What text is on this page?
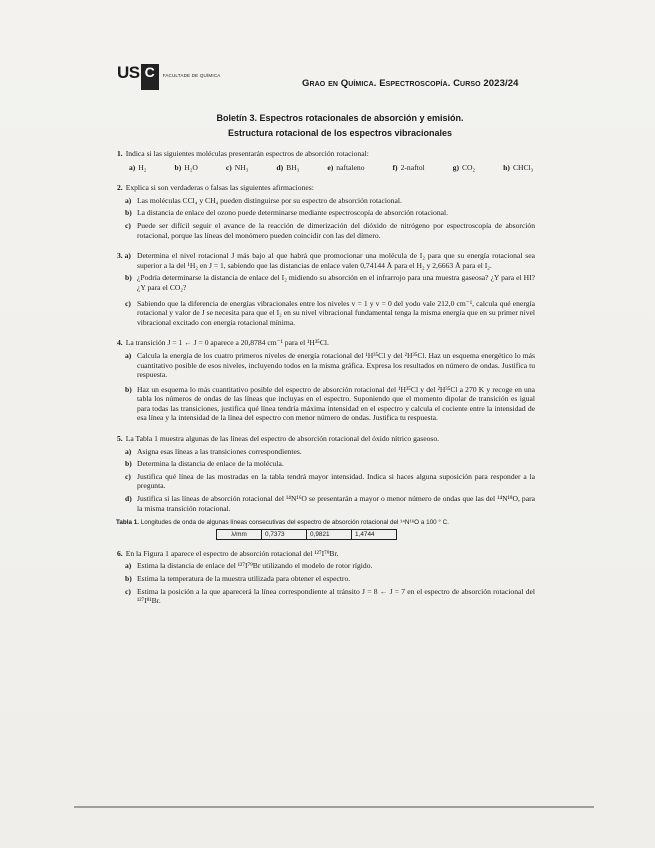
US C	FACULTADE DE QUÍMICA
Grao en Química. Espectroscopía. Curso 2023/24
Boletín 3. Espectros rotacionales de absorción y emisión.
Estructura rotacional de los espectros vibracionales

1. Indica si las siguientes moléculas presentarán espectros de absorción rotacional:

a) H₂	b) H₂O	c) NH₃	d) BH₃	e) naftaleno	f) 2-naftol	g) CO₂	h) CHCl₃

2. Explica si son verdaderas o falsas las siguientes afirmaciones:

a) Las moléculas CCl₄ y CH₄ pueden distinguirse por su espectro de absorción rotacional.
b) La distancia de enlace del ozono puede determinarse mediante espectroscopía de absorción rotacional.
c) Puede ser difícil seguir el avance de la reacción de dimerización del dióxido de nitrógeno por espectroscopía de absorción rotacional, porque las líneas del monómero pueden coincidir con las del dímero.
3. a) Determina el nivel rotacional J más bajo al que habrá que promocionar una molécula de I₂ para que su energía rotacional sea superior a la del ¹H₂ en J = 1, sabiendo que las distancias de enlace valen 0,74144 Å para el H₂ y 2,6663 Å para el I₂.
b) ¿Podría determinarse la distancia de enlace del I₂ midiendo su absorción en el infrarrojo para una muestra gaseosa? ¿Y para el HI? ¿Y para el CO₂?
c) Sabiendo que la diferencia de energías vibracionales entre los niveles v = 1 y v = 0 del yodo vale 212,0 cm⁻¹, calcula qué energía rotacional y valor de J se necesita para que el I₂ en su nivel vibracional fundamental tenga la misma energía que en su primer nivel vibracional excitado con energía rotacional mínima.

4. La transición J = 1 ← J = 0 aparece a 20,8784 cm⁻¹ para el ¹H³⁵Cl.

a) Calcula la energía de los cuatro primeros niveles de energía rotacional del ¹H³⁵Cl y del ²H³⁵Cl. Haz un esquema energético lo más cuantitativo posible de esos niveles, incluyendo todos en la misma gráfica. Expresa los resultados en número de ondas. Justifica tu respuesta.
b) Haz un esquema lo más cuantitativo posible del espectro de absorción rotacional del ¹H³⁵Cl y del ²H³⁵Cl a 270 K y recoge en una tabla los números de ondas de las líneas que incluyas en el espectro. Suponiendo que el momento dipolar de transición es igual para todas las transiciones, justifica qué línea tendría máxima intensidad en el espectro y calcula el cociente entre la intensidad de esa línea y la intensidad de la línea del espectro con menor número de ondas. Justifica tu respuesta.

5. La Tabla 1 muestra algunas de las líneas del espectro de absorción rotacional del óxido nítrico gaseoso.

a) Asigna esas líneas a las transiciones correspondientes.
b) Determina la distancia de enlace de la molécula.
c) Justifica qué línea de las mostradas en la tabla tendrá mayor intensidad. Indica si haces alguna suposición para responder a la pregunta.
d) Justifica si las líneas de absorción rotacional del ¹⁴N¹⁶O se presentarán a mayor o menor número de ondas que las del ¹⁴N¹⁸O, para la misma transición rotacional.
Tabla 1. Longitudes de onda de algunas líneas consecutivas del espectro de absorción rotacional del ¹⁴N¹⁶O a 100 ° C.
λ/mm	0,7373	0,9821	1,4744

6. En la Figura 1 aparece el espectro de absorción rotacional del ¹²⁷I⁷⁹Br.

a) Estima la distancia de enlace del ¹²⁷I⁷⁹Br utilizando el modelo de rotor rígido.
b) Estima la temperatura de la muestra utilizada para obtener el espectro.
c) Estima la posición a la que aparecerá la línea correspondiente al tránsito J = 8 ← J = 7 en el espectro de absorción rotacional del ¹²⁷I⁸¹Br.
